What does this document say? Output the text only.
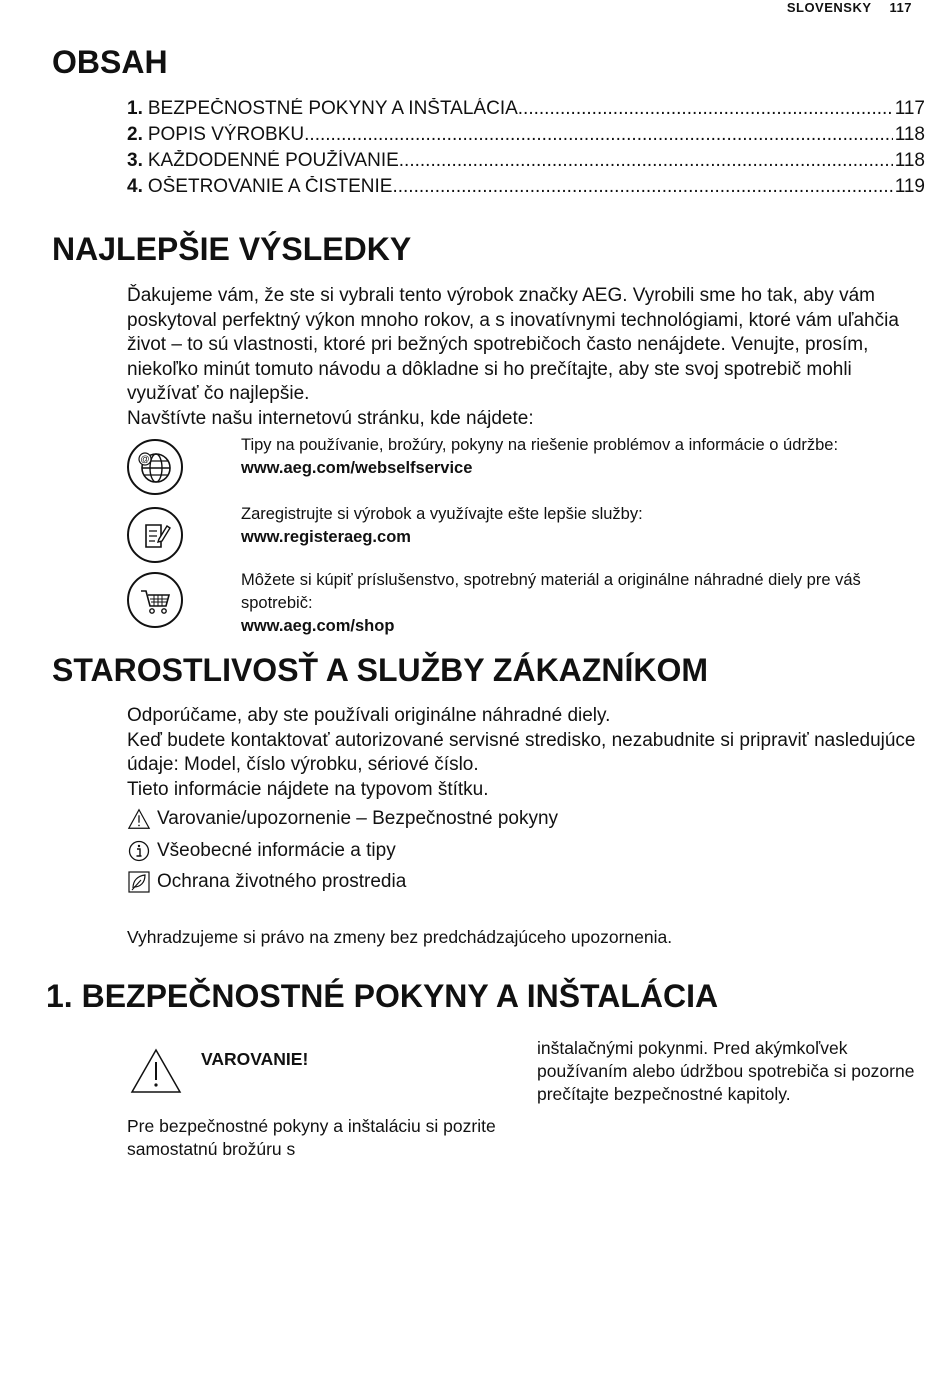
SLOVENSKY 117
OBSAH
1. BEZPEČNOSTNÉ POKYNY A INŠTALÁCIA .....	117
2. POPIS VÝROBKU .....	118
3. KAŽDODENNÉ POUŽÍVANIE .....	118
4. OŠETROVANIE A ČISTENIE .....	119
NAJLEPŠIE VÝSLEDKY

Ďakujeme vám, že ste si vybrali tento výrobok značky AEG. Vyrobili sme ho tak, aby vám poskytoval perfektný výkon mnoho rokov, a s inovatívnymi technológiami, ktoré vám uľahčia život – to sú vlastnosti, ktoré pri bežných spotrebičoch často nenájdete. Venujte, prosím, niekoľko minút tomuto návodu a dôkladne si ho prečítajte, aby ste svoj spotrebič mohli využívať čo najlepšie.

Navštívte našu internetovú stránku, kde nájdete:

@
Tipy na používanie, brožúry, pokyny na riešenie problémov a informácie o údržbe:
www.aeg.com/webselfservice
Zaregistrujte si výrobok a využívajte ešte lepšie služby:
www.registeraeg.com
Môžete si kúpiť príslušenstvo, spotrebný materiál a originálne náhradné diely pre váš spotrebič:
www.aeg.com/shop
STAROSTLIVOSŤ A SLUŽBY ZÁKAZNÍKOM

Odporúčame, aby ste používali originálne náhradné diely.

Keď budete kontaktovať autorizované servisné stredisko, nezabudnite si pripraviť nasledujúce údaje: Model, číslo výrobku, sériové číslo.

Tieto informácie nájdete na typovom štítku.

Varovanie/upozornenie – Bezpečnostné pokyny
Všeobecné informácie a tipy
Ochrana životného prostredia
Vyhradzujeme si právo na zmeny bez predchádzajúceho upozornenia.
1. BEZPEČNOSTNÉ POKYNY A INŠTALÁCIA
VAROVANIE!

Pre bezpečnostné pokyny a inštaláciu si pozrite samostatnú brožúru s

inštalačnými pokynmi. Pred akýmkoľvek používaním alebo údržbou spotrebiča si pozorne prečítajte bezpečnostné kapitoly.
